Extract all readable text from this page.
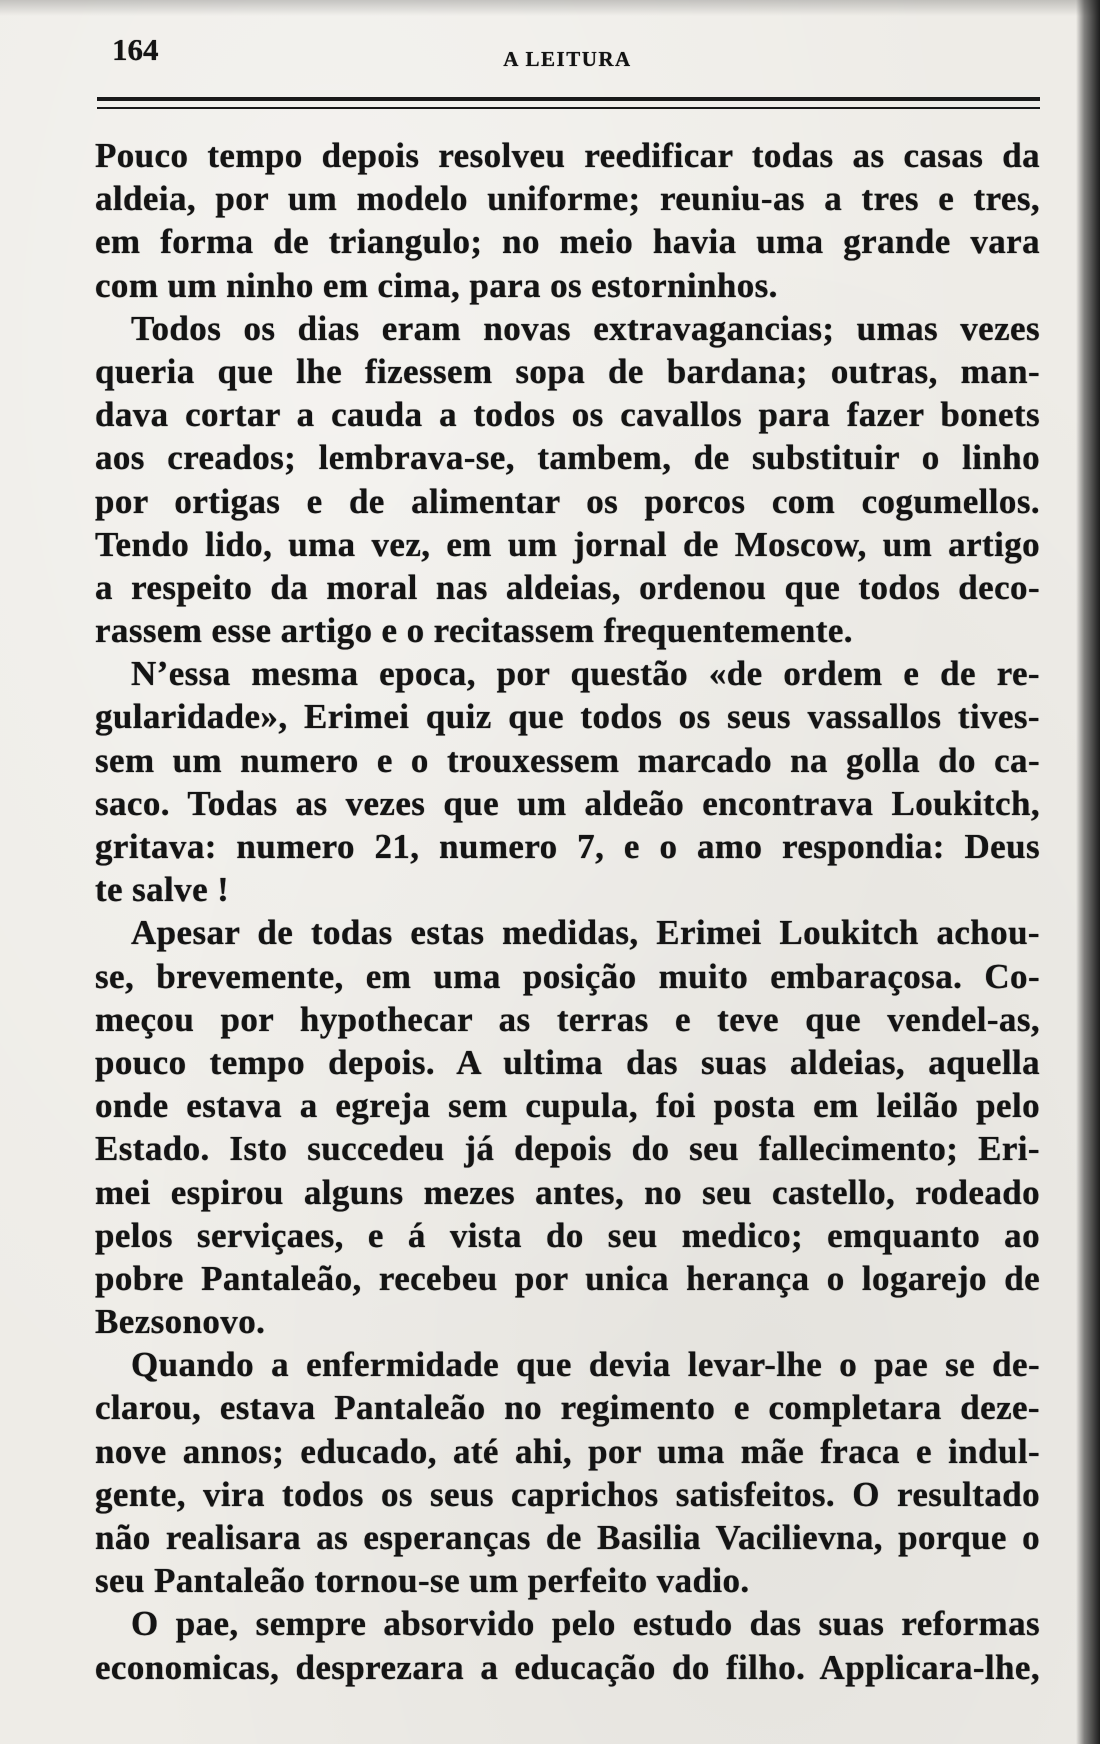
164	A LEITURA
Pouco tempo depois resolveu reedificar todas as casas da
aldeia, por um modelo uniforme; reuniu-as a tres e tres,
em forma de triangulo; no meio havia uma grande vara
com um ninho em cima, para os estorninhos.
Todos os dias eram novas extravagancias; umas vezes
queria que lhe fizessem sopa de bardana; outras, man-
dava cortar a cauda a todos os cavallos para fazer bonets
aos creados; lembrava-se, tambem, de substituir o linho
por ortigas e de alimentar os porcos com cogumellos.
Tendo lido, uma vez, em um jornal de Moscow, um artigo
a respeito da moral nas aldeias, ordenou que todos deco-
rassem esse artigo e o recitassem frequentemente.
N’essa mesma epoca, por questão «de ordem e de re-
gularidade», Erimei quiz que todos os seus vassallos tives-
sem um numero e o trouxessem marcado na golla do ca-
saco. Todas as vezes que um aldeão encontrava Loukitch,
gritava: numero 21, numero 7, e o amo respondia: Deus
te salve !
Apesar de todas estas medidas, Erimei Loukitch achou-
se, brevemente, em uma posição muito embaraçosa. Co-
meçou por hypothecar as terras e teve que vendel-as,
pouco tempo depois. A ultima das suas aldeias, aquella
onde estava a egreja sem cupula, foi posta em leilão pelo
Estado. Isto succedeu já depois do seu fallecimento; Eri-
mei espirou alguns mezes antes, no seu castello, rodeado
pelos serviçaes, e á vista do seu medico; emquanto ao
pobre Pantaleão, recebeu por unica herança o logarejo de
Bezsonovo.
Quando a enfermidade que devia levar-lhe o pae se de-
clarou, estava Pantaleão no regimento e completara deze-
nove annos; educado, até ahi, por uma mãe fraca e indul-
gente, vira todos os seus caprichos satisfeitos. O resultado
não realisara as esperanças de Basilia Vacilievna, porque o
seu Pantaleão tornou-se um perfeito vadio.
O pae, sempre absorvido pelo estudo das suas reformas
economicas, desprezara a educação do filho. Applicara-lhe,
